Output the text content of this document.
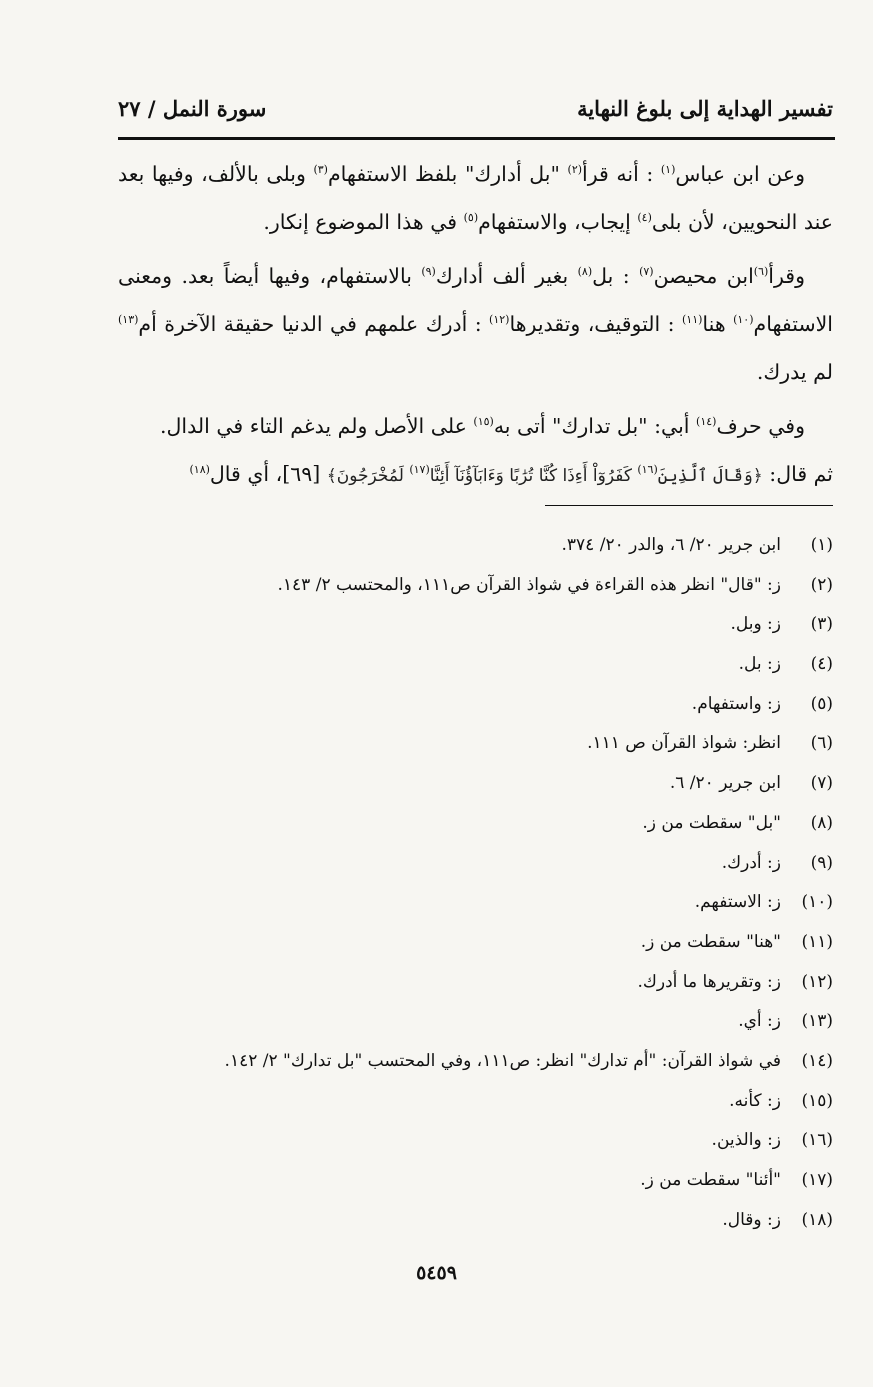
تفسير الهداية إلى بلوغ النهاية
سورة النمل / ٢٧

وعن ابن عباس$^{(١)}$ : أنه قرأ$^{(٢)}$ "بل أدارك" بلفظ الاستفهام$^{(٣)}$ وبلى بالألف، وفيها بعد عند النحويين، لأن بلى$^{(٤)}$ إيجاب، والاستفهام$^{(٥)}$ في هذا الموضوع إنكار.

وقرأ$^{(٦)}$ابن محيصن$^{(٧)}$ : بل$^{(٨)}$ بغير ألف أدارك$^{(٩)}$ بالاستفهام، وفيها أيضاً بعد. ومعنى الاستفهام$^{(١٠)}$ هنا$^{(١١)}$ : التوقيف، وتقديرها$^{(١٢)}$ : أدرك علمهم في الدنيا حقيقة الآخرة أم$^{(١٣)}$ لم يدرك.

وفي حرف$^{(١٤)}$ أبي: "بل تدارك" أتى به$^{(١٥)}$ على الأصل ولم يدغم التاء في الدال.
ثم قال: ﴿وَقَالَ ٱلَّذِينَ$^{(١٦)}$ كَفَرُوٓاْ أَءِذَا كُنَّا تُرَٰبًا وَءَابَآؤُنَآ أَئِنَّا$^{(١٧)}$ لَمُخْرَجُونَ﴾ [٦٩]، أي قال$^{(١٨)}$

(١)
ابن جرير ٢٠/ ٦، والدر ٢٠/ ٣٧٤.
(٢)
ز: "قال" انظر هذه القراءة في شواذ القرآن ص١١١، والمحتسب ٢/ ١٤٣.
(٣)
ز: وبل.
(٤)
ز: بل.
(٥)
ز: واستفهام.
(٦)
انظر: شواذ القرآن ص ١١١.
(٧)
ابن جرير ٢٠/ ٦.
(٨)
"بل" سقطت من ز.
(٩)
ز: أدرك.
(١٠)
ز: الاستفهم.
(١١)
"هنا" سقطت من ز.
(١٢)
ز: وتقريرها ما أدرك.
(١٣)
ز: أي.
(١٤)
في شواذ القرآن: "أم تدارك" انظر: ص١١١، وفي المحتسب "بل تدارك" ٢/ ١٤٢.
(١٥)
ز: كأنه.
(١٦)
ز: والذين.
(١٧)
"أئنا" سقطت من ز.
(١٨)
ز: وقال.
٥٤٥٩
